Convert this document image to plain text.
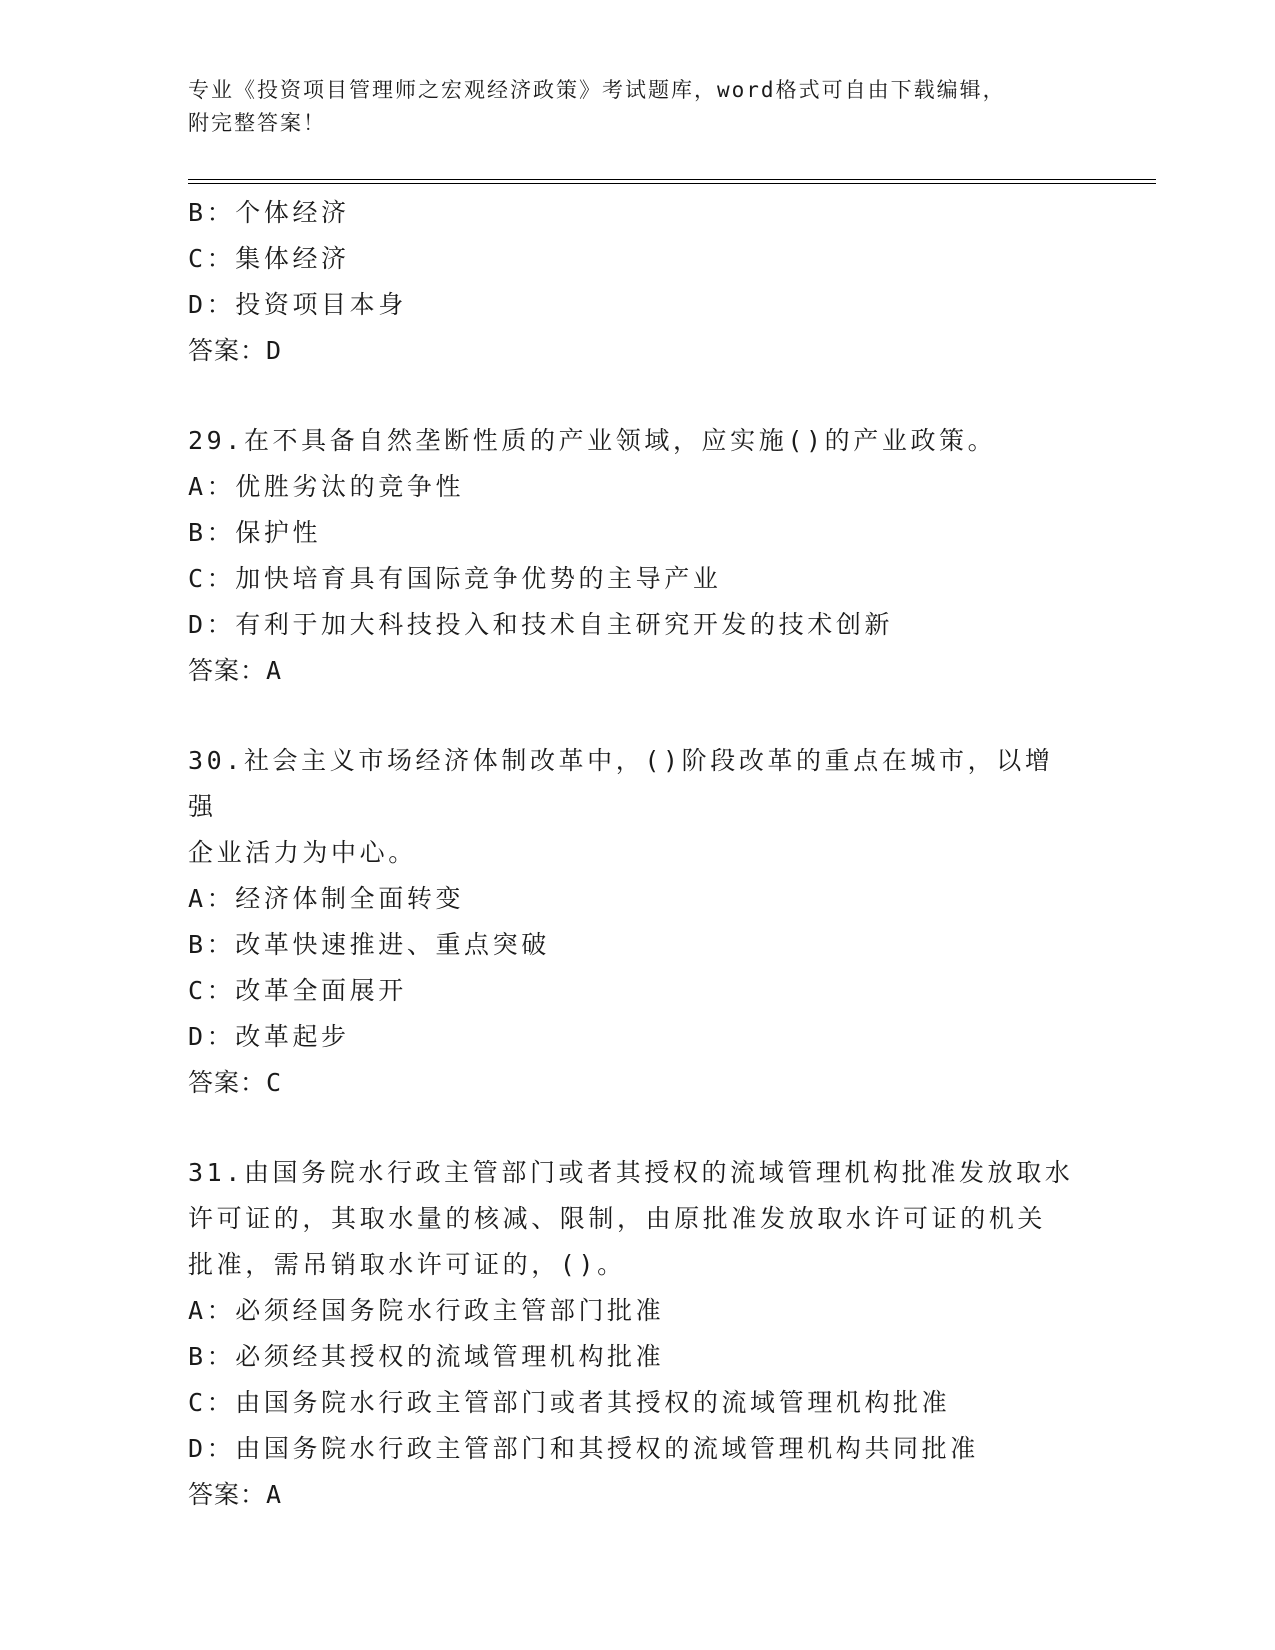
专业《投资项目管理师之宏观经济政策》考试题库，word格式可自由下载编辑，
附完整答案！
B：个体经济
C：集体经济
D：投资项目本身
答案：D
29.在不具备自然垄断性质的产业领域，应实施()的产业政策。
A：优胜劣汰的竞争性
B：保护性
C：加快培育具有国际竞争优势的主导产业
D：有利于加大科技投入和技术自主研究开发的技术创新
答案：A
30.社会主义市场经济体制改革中，()阶段改革的重点在城市，以增强
企业活力为中心。
A：经济体制全面转变
B：改革快速推进、重点突破
C：改革全面展开
D：改革起步
答案：C
31.由国务院水行政主管部门或者其授权的流域管理机构批准发放取水
许可证的，其取水量的核减、限制，由原批准发放取水许可证的机关
批准，需吊销取水许可证的，()。
A：必须经国务院水行政主管部门批准
B：必须经其授权的流域管理机构批准
C：由国务院水行政主管部门或者其授权的流域管理机构批准
D：由国务院水行政主管部门和其授权的流域管理机构共同批准
答案：A
